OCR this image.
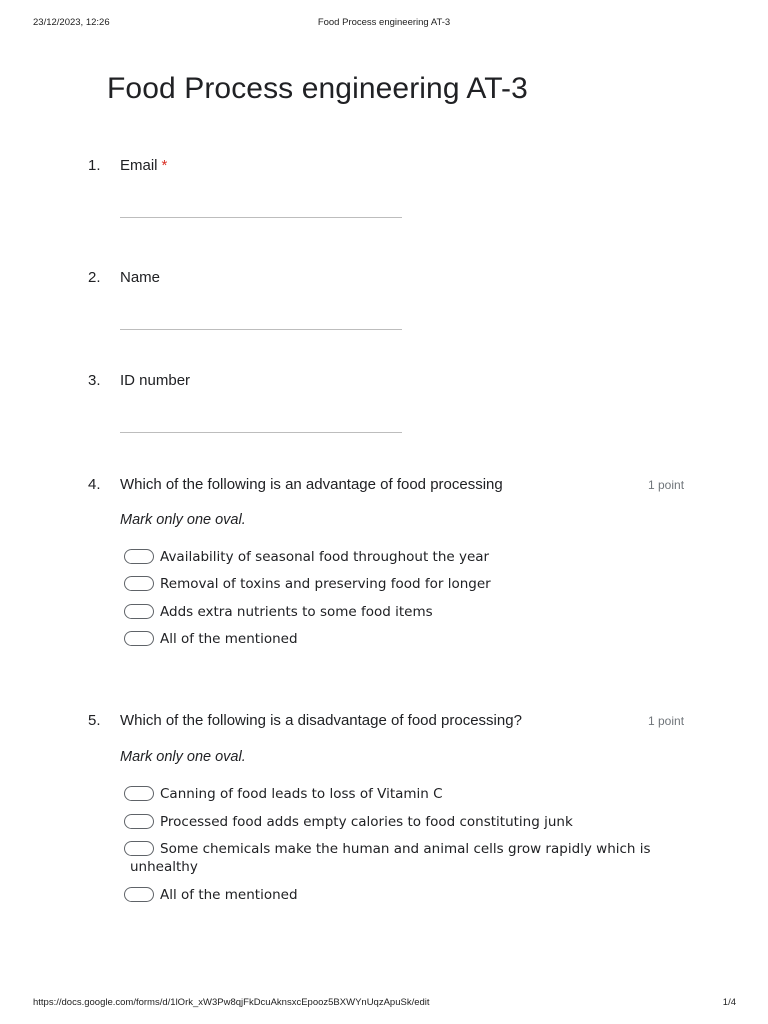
23/12/2023, 12:26	Food Process engineering AT-3
Food Process engineering AT-3
1. Email *
2. Name
3. ID number
4. Which of the following is an advantage of food processing	1 point
Mark only one oval.
Availability of seasonal food throughout the year
Removal of toxins and preserving food for longer
Adds extra nutrients to some food items
All of the mentioned
5. Which of the following is a disadvantage of food processing?	1 point
Mark only one oval.
Canning of food leads to loss of Vitamin C
Processed food adds empty calories to food constituting junk
Some chemicals make the human and animal cells grow rapidly which is
unhealthy
All of the mentioned
https://docs.google.com/forms/d/1lOrk_xW3Pw8qjFkDcuAknsxcEpooz5BXWYnUqzApuSk/edit	1/4
